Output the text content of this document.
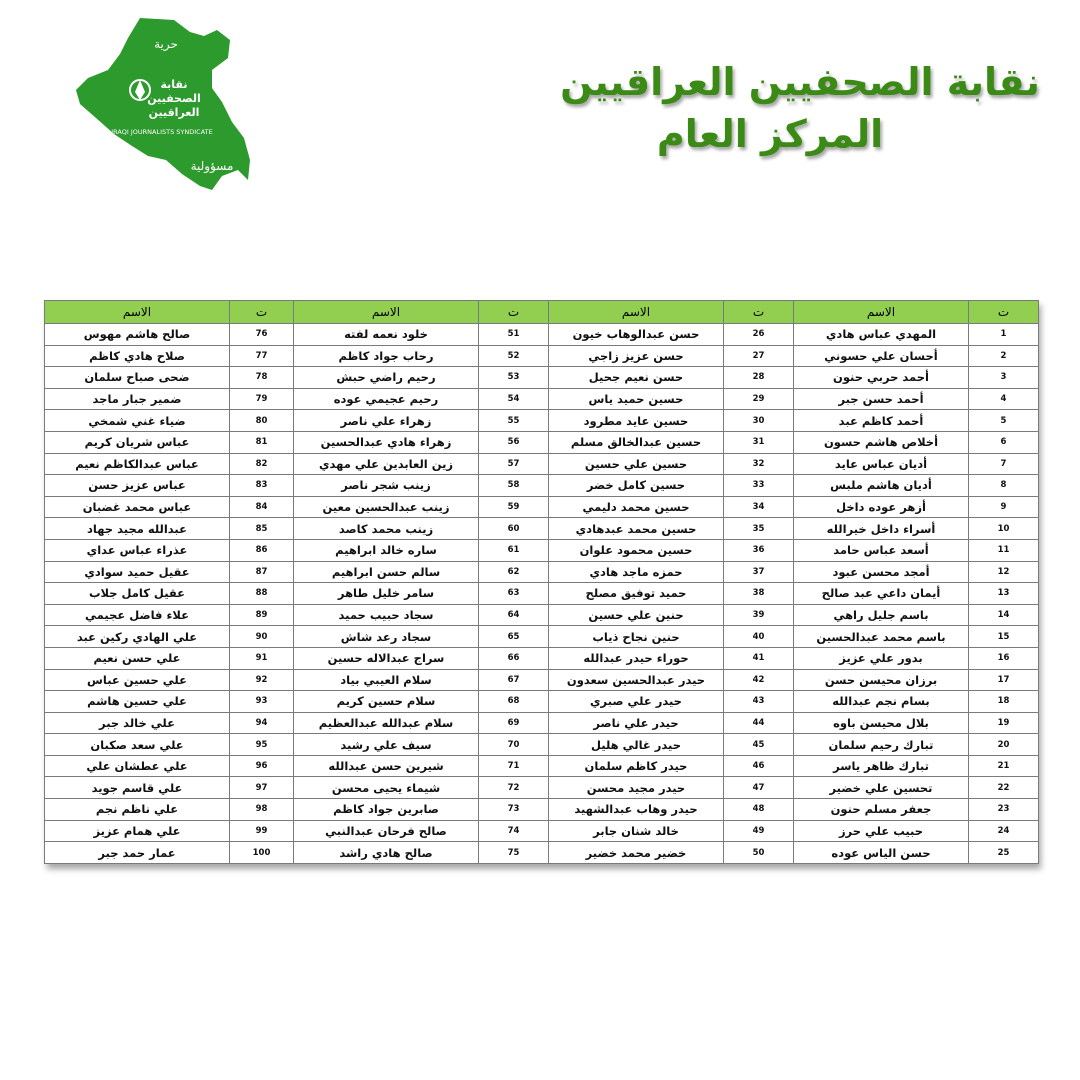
حرية
نقابة
الصحفيين
العراقيين
IRAQI JOURNALISTS SYNDICATE
مسؤولية
نقابة الصحفيين العراقيين
المركز العام
ت	الاسم	ت	الاسم	ت	الاسم	ت	الاسم
1	المهدي عباس هادي	26	حسن عبدالوهاب خيون	51	خلود نعمه لفته	76	صالح هاشم مهوس
2	أحسان علي حسوني	27	حسن عزيز زاجي	52	رحاب جواد كاظم	77	صلاح هادي كاظم
3	أحمد حربي حنون	28	حسن نعيم جحيل	53	رحيم راضي حبش	78	ضحى صباح سلمان
4	أحمد حسن جبر	29	حسين حميد ياس	54	رحيم عجيمي عوده	79	ضمير جبار ماجد
5	أحمد كاظم عبد	30	حسين عايد مطرود	55	زهراء علي ناصر	80	ضياء غني شمخي
6	أخلاص هاشم حسون	31	حسين عبدالخالق مسلم	56	زهراء هادي عبدالحسين	81	عباس شريان كريم
7	أديان عباس عايد	32	حسين علي حسين	57	زين العابدين علي مهدي	82	عباس عبدالكاظم نعيم
8	أديان هاشم ملبس	33	حسين كامل خضر	58	زينب شجر ناصر	83	عباس عزيز حسن
9	أزهر عوده داخل	34	حسين محمد دليمي	59	زينب عبدالحسين معين	84	عباس محمد غضبان
10	أسراء داخل خيرالله	35	حسين محمد عبدهادي	60	زينب محمد كاصد	85	عبدالله مجيد جهاد
11	أسعد عباس حامد	36	حسين محمود علوان	61	ساره خالد ابراهيم	86	عذراء عباس عداي
12	أمجد محسن عبود	37	حمزه ماجد هادي	62	سالم حسن ابراهيم	87	عقيل حميد سوادي
13	أيمان داعي عبد صالح	38	حميد توفيق مصلح	63	سامر خليل طاهر	88	عقيل كامل جلاب
14	باسم جليل راهي	39	حنين علي حسين	64	سجاد حبيب حميد	89	علاء فاضل عجيمي
15	باسم محمد عبدالحسين	40	حنين نجاح ذياب	65	سجاد رعد شاش	90	علي الهادي ركين عبد
16	بدور علي عزيز	41	حوراء حيدر عبدالله	66	سراج عبدالاله حسين	91	علي حسن نعيم
17	برزان محيسن حسن	42	حيدر عبدالحسين سعدون	67	سلام العيبي بياد	92	علي حسين عباس
18	بسام نجم عبدالله	43	حيدر علي صبري	68	سلام حسين كريم	93	علي حسين هاشم
19	بلال محيسن باوه	44	حيدر علي ناصر	69	سلام عبدالله عبدالعظيم	94	علي خالد جبر
20	تبارك رحيم سلمان	45	حيدر غالي هليل	70	سيف علي رشيد	95	علي سعد صكبان
21	تبارك ظاهر ياسر	46	حيدر كاظم سلمان	71	شيرين حسن عبدالله	96	علي عطشان علي
22	تحسين علي خضير	47	حيدر مجيد محسن	72	شيماء يحيى محسن	97	علي قاسم جويد
23	جعفر مسلم حنون	48	حيدر وهاب عبدالشهيد	73	صابرين جواد كاظم	98	علي ناظم نجم
24	حبيب علي حرز	49	خالد شنان جابر	74	صالح فرحان عبدالنبي	99	علي همام عزيز
25	حسن الياس عوده	50	خضير محمد خضير	75	صالح هادي راشد	100	عمار حمد جبر
